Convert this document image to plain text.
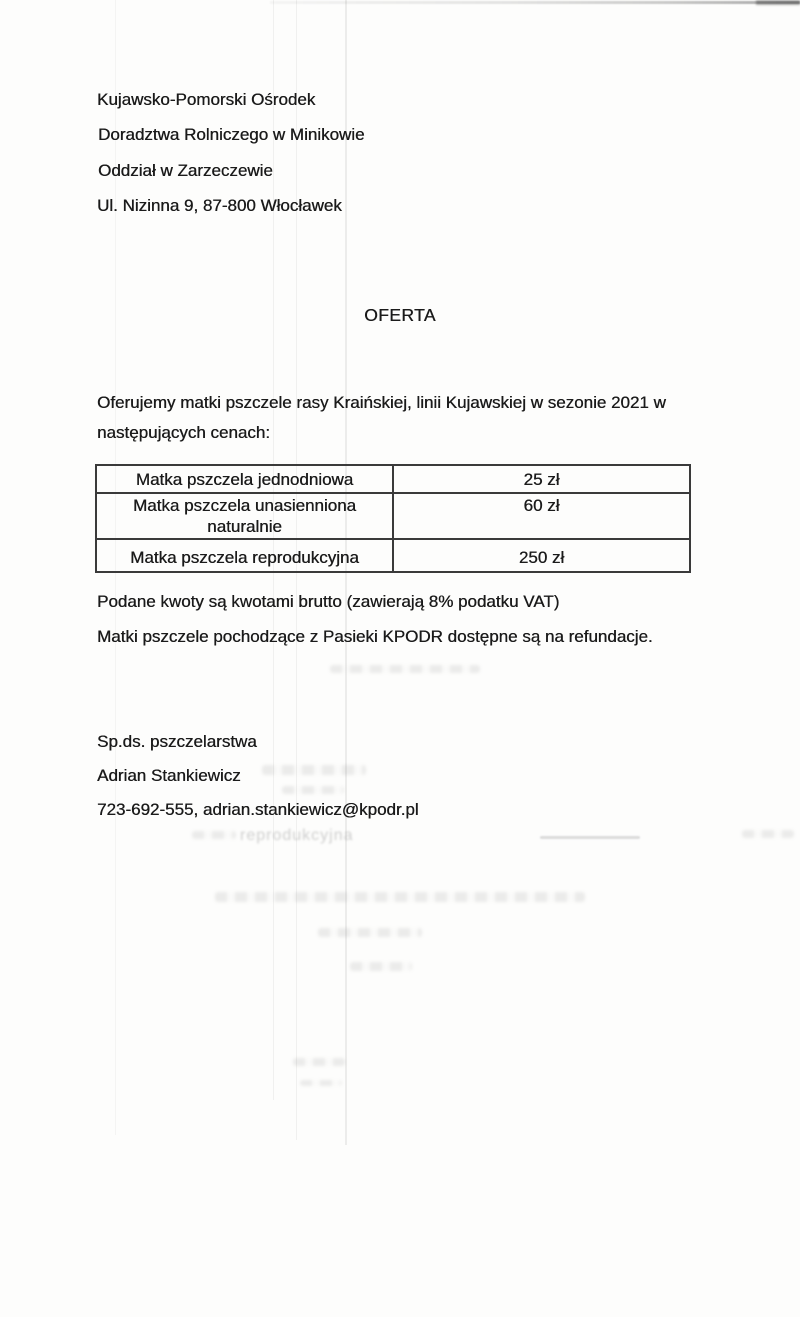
Kujawsko-Pomorski Ośrodek
Doradztwa Rolniczego w Minikowie
Oddział w Zarzeczewie
Ul. Nizinna 9, 87-800 Włocławek
OFERTA

Oferujemy matki pszczele rasy Kraińskiej, linii Kujawskiej w sezonie 2021 w
następujących cenach:

Matka pszczela jednodniowa	25 zł
Matka pszczela unasienniona naturalnie	60 zł
Matka pszczela reprodukcyjna	250 zł
Podane kwoty są kwotami brutto (zawierają 8% podatku VAT)
Matki pszczele pochodzące z Pasieki KPODR dostępne są na refundacje.
Sp.ds. pszczelarstwa
Adrian Stankiewicz
723-692-555, adrian.stankiewicz@kpodr.pl
reprodukcyjna
